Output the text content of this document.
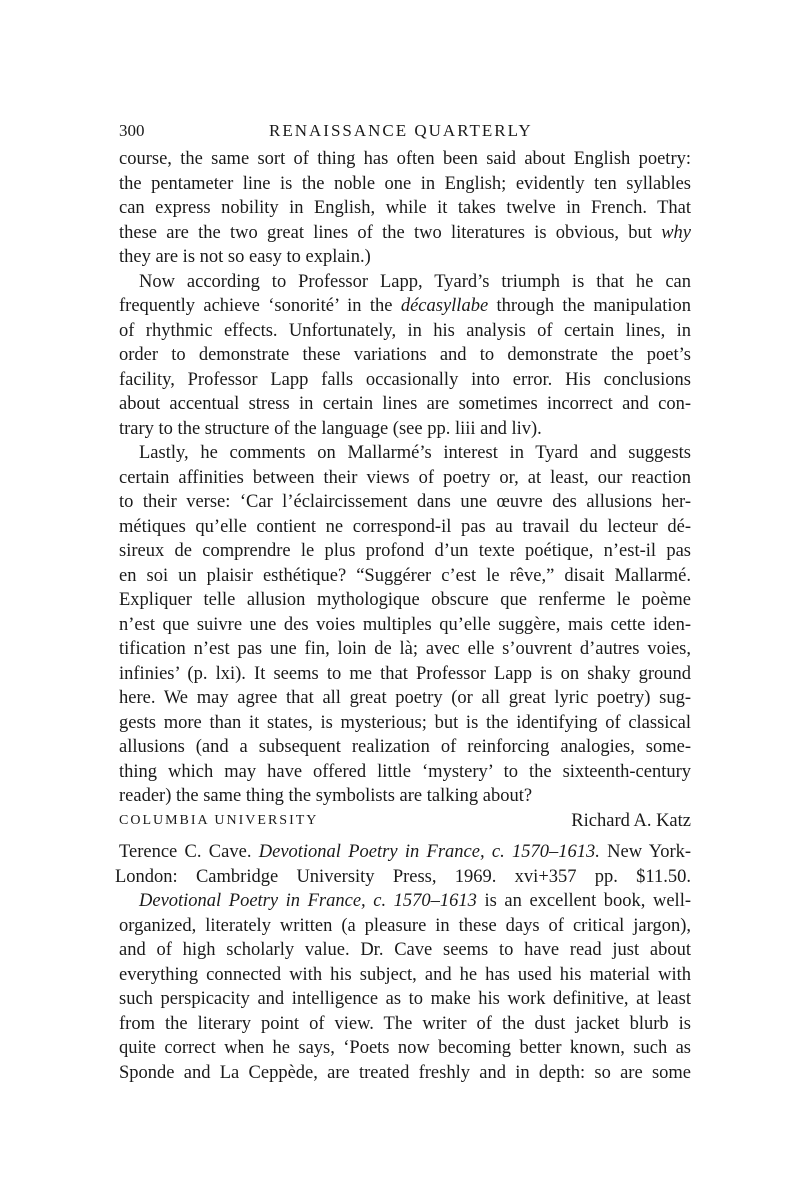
300	RENAISSANCE QUARTERLY
course, the same sort of thing has often been said about English poetry:
the pentameter line is the noble one in English; evidently ten syllables
can express nobility in English, while it takes twelve in French. That
these are the two great lines of the two literatures is obvious, but why
they are is not so easy to explain.)
Now according to Professor Lapp, Tyard’s triumph is that he can
frequently achieve ‘sonorité’ in the décasyllabe through the manipulation
of rhythmic effects. Unfortunately, in his analysis of certain lines, in
order to demonstrate these variations and to demonstrate the poet’s
facility, Professor Lapp falls occasionally into error. His conclusions
about accentual stress in certain lines are sometimes incorrect and con-
trary to the structure of the language (see pp. liii and liv).
Lastly, he comments on Mallarmé’s interest in Tyard and suggests
certain affinities between their views of poetry or, at least, our reaction
to their verse: ‘Car l’éclaircissement dans une œuvre des allusions her-
métiques qu’elle contient ne correspond-il pas au travail du lecteur dé-
sireux de comprendre le plus profond d’un texte poétique, n’est-il pas
en soi un plaisir esthétique? “Suggérer c’est le rêve,” disait Mallarmé.
Expliquer telle allusion mythologique obscure que renferme le poème
n’est que suivre une des voies multiples qu’elle suggère, mais cette iden-
tification n’est pas une fin, loin de là; avec elle s’ouvrent d’autres voies,
infinies’ (p. lxi). It seems to me that Professor Lapp is on shaky ground
here. We may agree that all great poetry (or all great lyric poetry) sug-
gests more than it states, is mysterious; but is the identifying of classical
allusions (and a subsequent realization of reinforcing analogies, some-
thing which may have offered little ‘mystery’ to the sixteenth-century
reader) the same thing the symbolists are talking about?
COLUMBIA UNIVERSITY	Richard A. Katz
Terence C. Cave. Devotional Poetry in France, c. 1570–1613. New York-
London: Cambridge University Press, 1969. xvi+357 pp. $11.50.
Devotional Poetry in France, c. 1570–1613 is an excellent book, well-
organized, literately written (a pleasure in these days of critical jargon),
and of high scholarly value. Dr. Cave seems to have read just about
everything connected with his subject, and he has used his material with
such perspicacity and intelligence as to make his work definitive, at least
from the literary point of view. The writer of the dust jacket blurb is
quite correct when he says, ‘Poets now becoming better known, such as
Sponde and La Ceppède, are treated freshly and in depth: so are some
